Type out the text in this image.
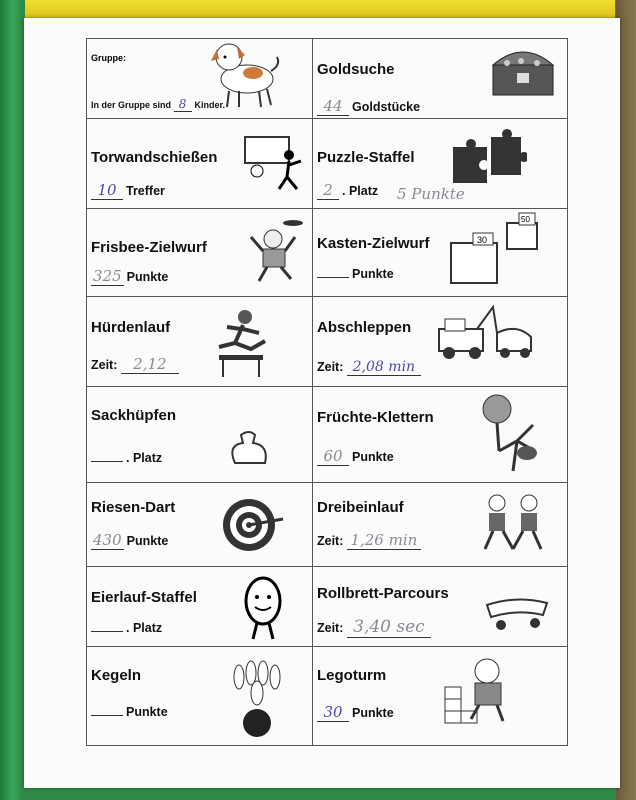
Gruppe:
In der Gruppe sind
8 Kinder.
Goldsuche
44 Goldstücke
Torwandschießen
10 Treffer
Puzzle-Staffel
2 . Platz 5 Punkte
Frisbee-Zielwurf
325 Punkte
Kasten-Zielwurf
Punkte
30
50
Hürdenlauf
Zeit:
	2,12
Abschleppen
Zeit:
2,08 min
Sackhüpfen
. Platz
Früchte-Klettern
60 Punkte
Riesen-Dart
430 Punkte
Dreibeinlauf
Zeit:
1,26 min
Eierlauf-Staffel
. Platz
Rollbrett-Parcours
Zeit:
3,40 sec
Kegeln
Punkte
Legoturm
30 Punkte
